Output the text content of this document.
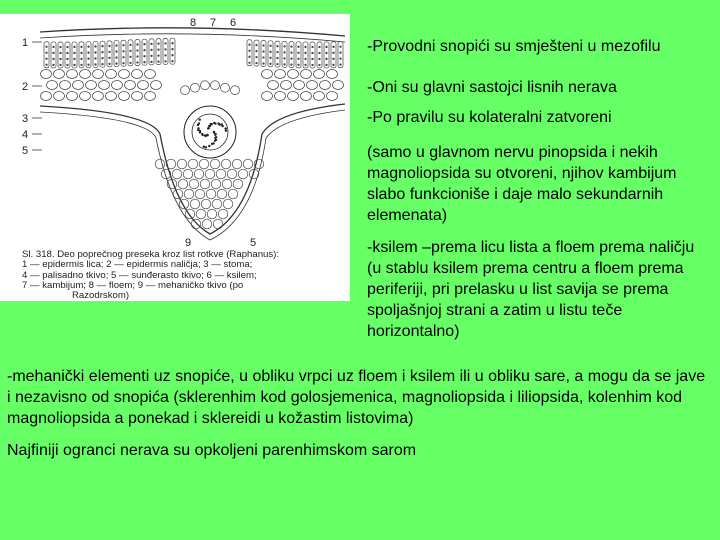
1
2
3
4
5
8 7 6
9	5
Sl. 318. Deo poprečnog preseka kroz list rotkve (Raphanus):
1 — epidermis lica; 2 — epidermis naličja; 3 — stoma;
4 — palisadno tkivo; 5 — sunđerasto tkivo; 6 — ksilem;
7 — kambijum; 8 — floem; 9 — mehaničko tkivo (po
Razodrskom)

-Provodni snopići su smješteni u mezofilu

-Oni su glavni sastojci lisnih nerava

-Po pravilu su kolateralni zatvoreni

(samo u glavnom nervu pinopsida i nekih magnoliopsida su otvoreni, njihov kambijum slabo funkcioniše i daje malo sekundarnih elemenata)

-ksilem –prema licu lista a floem prema naličju (u stablu ksilem prema centru a floem prema periferiji, pri prelasku u list savija se prema spoljašnjoj strani a zatim u listu teče horizontalno)

-mehanički elementi uz snopiće, u obliku vrpci uz floem i ksilem ili u obliku sare, a mogu da se jave i nezavisno od snopića (sklerenhim kod golosjemenica, magnoliopsida i liliopsida, kolenhim kod magnoliopsida a ponekad i sklereidi u kožastim listovima)

Najfiniji ogranci nerava su opkoljeni parenhimskom sarom
